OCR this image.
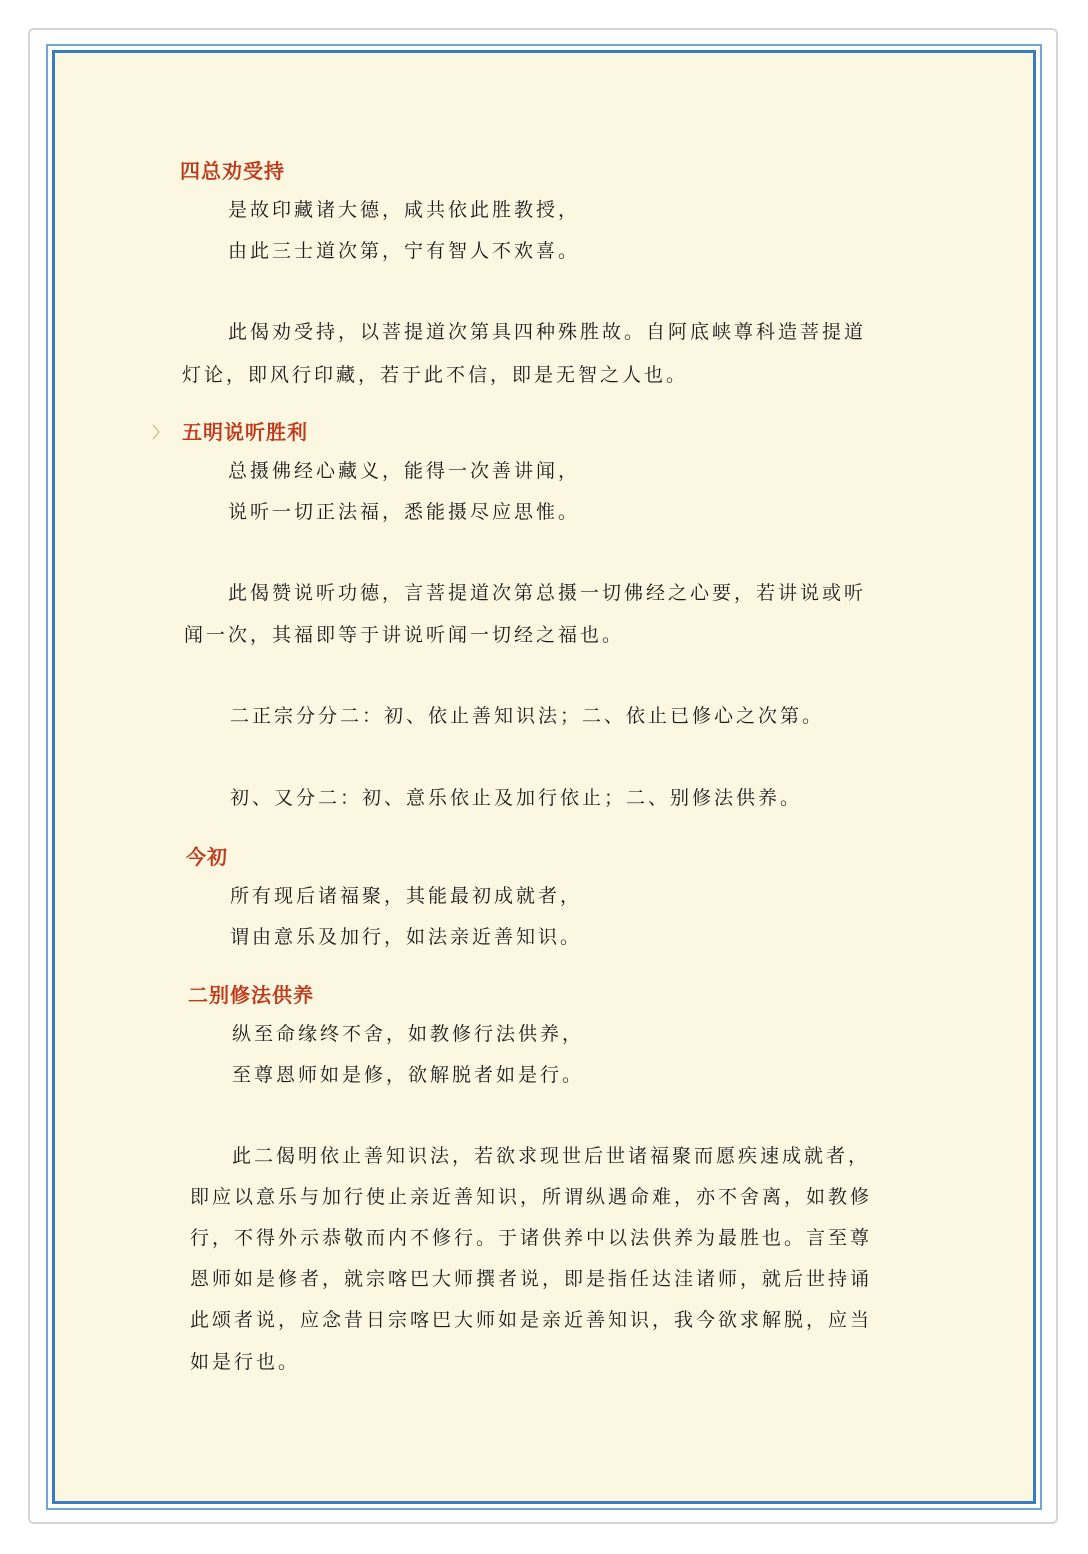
四总劝受持
是故印藏诸大德，咸共依此胜教授，
由此三士道次第，宁有智人不欢喜。
此偈劝受持，以菩提道次第具四种殊胜故。自阿底峡尊科造菩提道
灯论，即风行印藏，若于此不信，即是无智之人也。
〉 五明说听胜利
总摄佛经心藏义，能得一次善讲闻，
说听一切正法福，悉能摄尽应思惟。
此偈赞说听功德，言菩提道次第总摄一切佛经之心要，若讲说或听
闻一次，其福即等于讲说听闻一切经之福也。
二正宗分分二：初、依止善知识法；二、依止已修心之次第。
初、又分二：初、意乐依止及加行依止；二、别修法供养。
今初
所有现后诸福聚，其能最初成就者，
谓由意乐及加行，如法亲近善知识。
二别修法供养
纵至命缘终不舍，如教修行法供养，
至尊恩师如是修，欲解脱者如是行。
此二偈明依止善知识法，若欲求现世后世诸福聚而愿疾速成就者，
即应以意乐与加行使止亲近善知识，所谓纵遇命难，亦不舍离，如教修
行，不得外示恭敬而内不修行。于诸供养中以法供养为最胜也。言至尊
恩师如是修者，就宗喀巴大师撰者说，即是指任达洼诸师，就后世持诵
此颂者说，应念昔日宗喀巴大师如是亲近善知识，我今欲求解脱，应当
如是行也。
